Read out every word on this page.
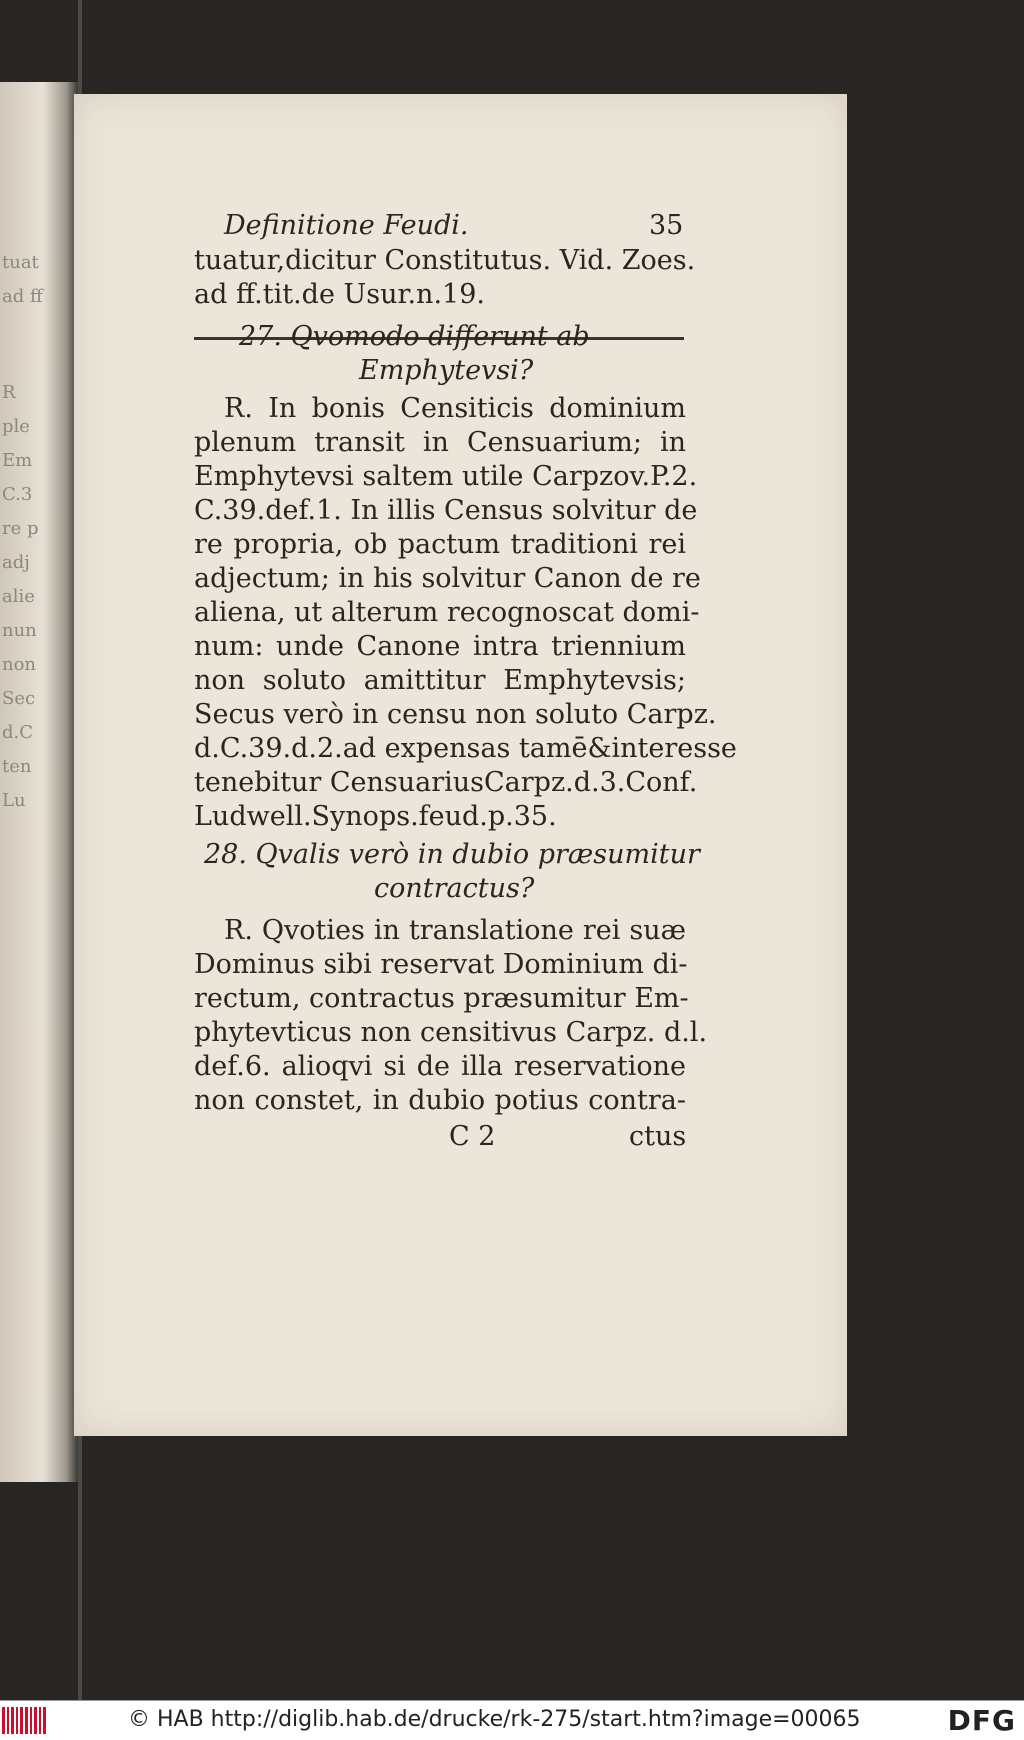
tuat
ad ff
R
ple
Em
C.3
re p
adj
alie
nun
non
Sec
d.C
ten
Lu
Definitione Feudi.	35
tuatur,dicitur Constitutus. Vid. Zoes.
ad ff.tit.de Usur.n.19.
27. Qvomodo differunt ab
Emphytevsi?
R. In bonis Censiticis dominium
plenum transit in Censuarium; in
Emphytevsi saltem utile Carpzov.P.2.
C.39.def.1. In illis Census solvitur de
re propria, ob pactum traditioni rei
adjectum; in his solvitur Canon de re
aliena, ut alterum recognoscat domi-
num: unde Canone intra triennium
non soluto amittitur Emphytevsis;
Secus verò in censu non soluto Carpz.
d.C.39.d.2.ad expensas tamē&interesse
tenebitur CensuariusCarpz.d.3.Conf.
Ludwell.Synops.feud.p.35.
28. Qvalis verò in dubio præsumitur
contractus?
R. Qvoties in translatione rei suæ
Dominus sibi reservat Dominium di-
rectum, contractus præsumitur Em-
phytevticus non censitivus Carpz. d.l.
def.6. alioqvi si de illa reservatione
non constet, in dubio potius contra-
C 2	ctus
© HAB http://diglib.hab.de/drucke/rk-275/start.htm?image=00065	DFG
